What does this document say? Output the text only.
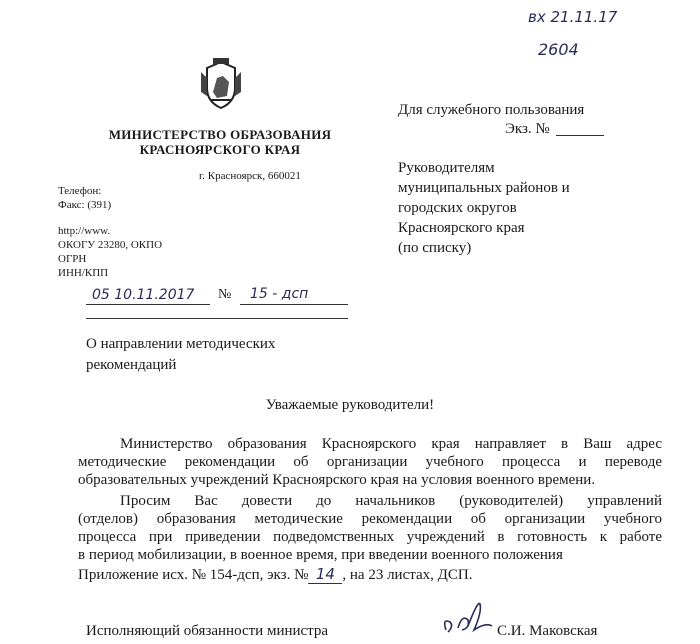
вх 21.11.17
2604
МИНИСТЕРСТВО ОБРАЗОВАНИЯ
КРАСНОЯРСКОГО КРАЯ
г. Красноярск, 660021
Телефон:
Факс: (391)
http://www.
ОКОГУ 23280, ОКПО
ОГРН
ИНН/КПП
05 10.11.2017 № 15 - дсп
Для служебного пользования
Экз. №
Руководителям
муниципальных районов и
городских округов
Красноярского края
(по списку)
О направлении методических
рекомендаций
Уважаемые руководители!
Министерство образования Красноярского края направляет в Ваш адрес
методические рекомендации об организации учебного процесса и переводе
образовательных учреждений Красноярского края на условия военного времени.
Просим Вас довести до начальников (руководителей) управлений
(отделов) образования методические рекомендации об организации учебного
процесса при приведении подведомственных учреждений в готовность к работе
в период мобилизации, в военное время, при введении военного положения
Приложение исх. № 154-дсп, экз. № 14 , на 23 листах, ДСП.
Исполняющий обязанности министра	С.И. Маковская
